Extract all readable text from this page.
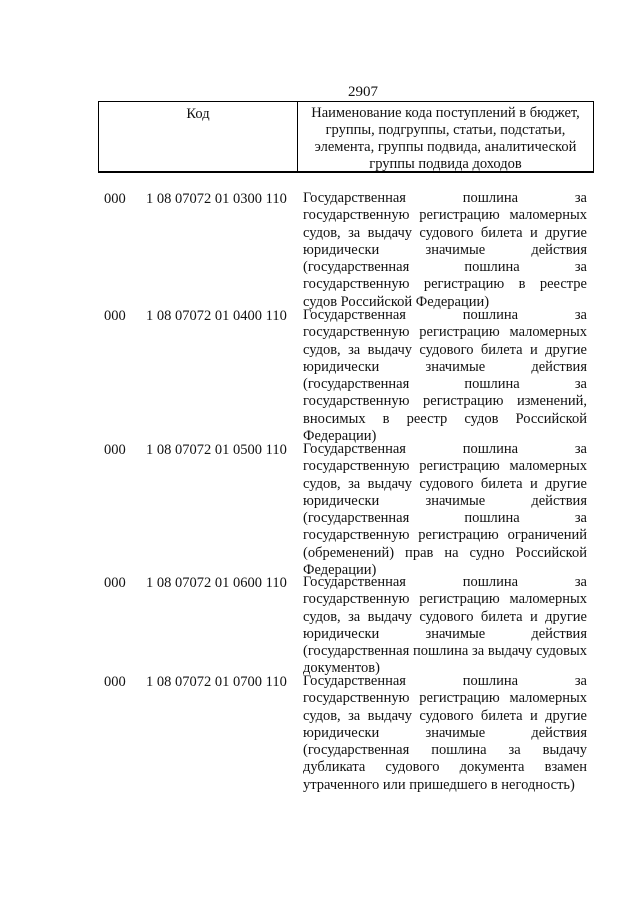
2907
Код	Наименование кода поступлений в бюджет, группы, подгруппы, статьи, подстатьи, элемента, группы подвида, аналитической группы подвида доходов
000 1 08 07072 01 0300 110 Государственная пошлина за государственную регистрацию маломерных судов, за выдачу судового билета и другие юридически значимые действия (государственная пошлина за государственную регистрацию в реестре судов Российской Федерации)
000 1 08 07072 01 0400 110 Государственная пошлина за государственную регистрацию маломерных судов, за выдачу судового билета и другие юридически значимые действия (государственная пошлина за государственную регистрацию изменений, вносимых в реестр судов Российской Федерации)
000 1 08 07072 01 0500 110 Государственная пошлина за государственную регистрацию маломерных судов, за выдачу судового билета и другие юридически значимые действия (государственная пошлина за государственную регистрацию ограничений (обременений) прав на судно Российской Федерации)
000 1 08 07072 01 0600 110 Государственная пошлина за государственную регистрацию маломерных судов, за выдачу судового билета и другие юридически значимые действия (государственная пошлина за выдачу судовых документов)
000 1 08 07072 01 0700 110 Государственная пошлина за государственную регистрацию маломерных судов, за выдачу судового билета и другие юридически значимые действия (государственная пошлина за выдачу дубликата судового документа взамен утраченного или пришедшего в негодность)
